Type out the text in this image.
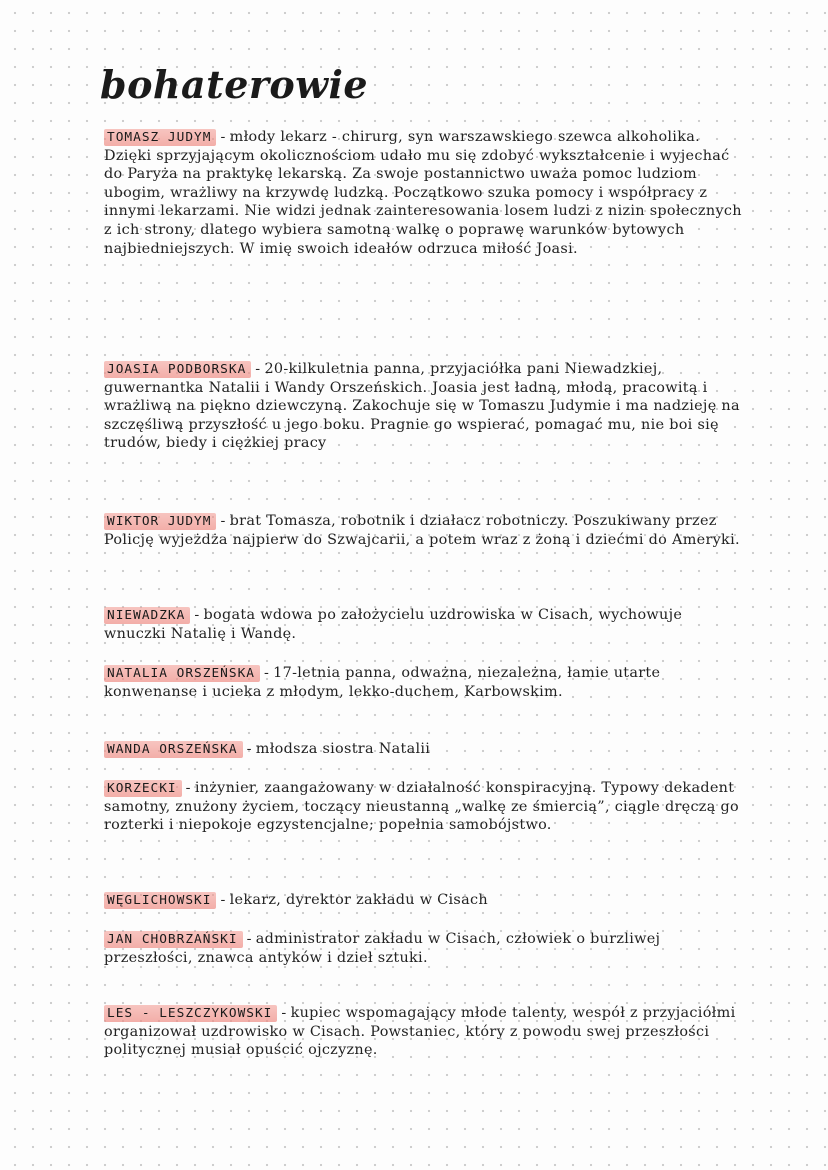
bohaterowie

TOMASZ JUDYM - młody lekarz - chirurg, syn warszawskiego szewca alkoholika. Dzięki sprzyjającym okolicznościom udało mu się zdobyć wykształcenie i wyjechać do Paryża na praktykę lekarską. Za swoje postannictwo uważa pomoc ludziom ubogim, wrażliwy na krzywdę ludzką. Początkowo szuka pomocy i współpracy z innymi lekarzami. Nie widzi jednak zainteresowania losem ludzi z nizin społecznych z ich strony, dlatego wybiera samotną walkę o poprawę warunków bytowych najbiedniejszych. W imię swoich ideałów odrzuca miłość Joasi.

JOASIA PODBORSKA - 20-kilkuletnia panna, przyjaciółka pani Niewadzkiej, guwernantka Natalii i Wandy Orszeńskich. Joasia jest ładną, młodą, pracowitą i wrażliwą na piękno dziewczyną. Zakochuje się w Tomaszu Judymie i ma nadzieję na szczęśliwą przyszłość u jego boku. Pragnie go wspierać, pomagać mu, nie boi się trudów, biedy i ciężkiej pracy

WIKTOR JUDYM - brat Tomasza, robotnik i działacz robotniczy. Poszukiwany przez Policję wyjeżdża najpierw do Szwajcarii, a potem wraz z żoną i dziećmi do Ameryki.

NIEWADZKA - bogata wdowa po założycielu uzdrowiska w Cisach, wychowuje wnuczki Natalię i Wandę.

NATALIA ORSZEŃSKA - 17-letnia panna, odważna, niezależna, łamie utarte konwenanse i ucieka z młodym, lekko-duchem, Karbowskim.

WANDA ORSZEŃSKA - młodsza siostra Natalii

KORZECKI - inżynier, zaangażowany w działalność konspiracyjną. Typowy dekadent samotny, znużony życiem, toczący nieustanną „walkę ze śmiercią”, ciągle dręczą go rozterki i niepokoje egzystencjalne; popełnia samobójstwo.

WĘGLICHOWSKI - lekarz, dyrektor zakładu w Cisach

JAN CHOBRZAŃSKI - administrator zakładu w Cisach, człowiek o burzliwej przeszłości, znawca antyków i dzieł sztuki.

LES - LESZCZYKOWSKI - kupiec wspomagający młode talenty, wespół z przyjaciółmi organizował uzdrowisko w Cisach. Powstaniec, który z powodu swej przeszłości politycznej musiał opuścić ojczyznę.
